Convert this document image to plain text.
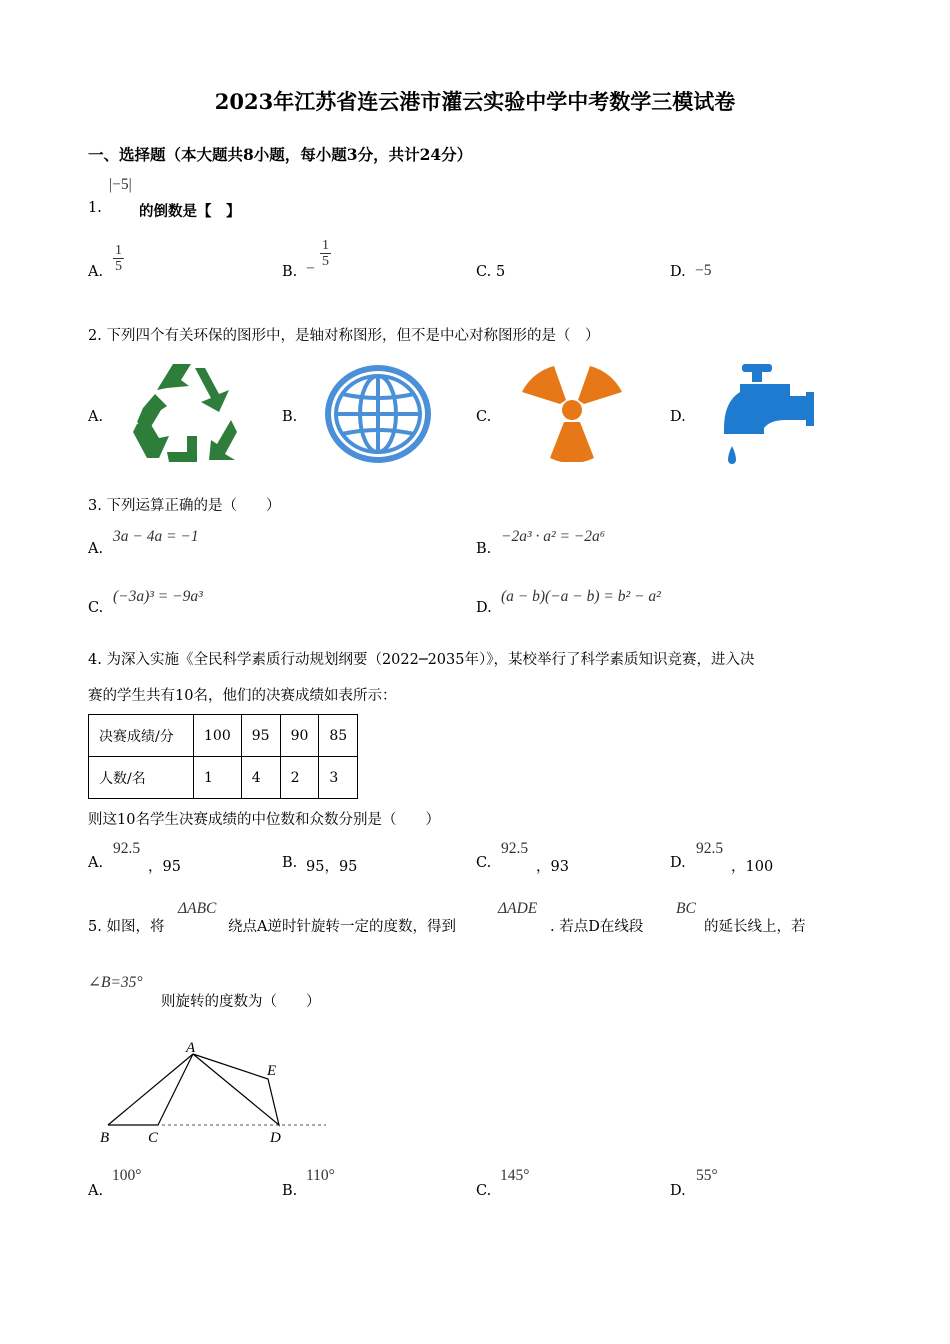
2023年江苏省连云港市灌云实验中学中考数学三模试卷
一、选择题（本大题共8小题，每小题3分，共计24分）
1.
|−5|
的倒数是【　】
A.
1
5	B. −
1
5
C. 5	D. −5
2. 下列四个有关环保的图形中，是轴对称图形，但不是中心对称图形的是（　）
A.	B.	C.	D.
3. 下列运算正确的是（　　）
A.
3a − 4a = −1
B.
−2a³ · a² = −2a⁶
C.
(−3a)³ = −9a³
D.
(a − b)(−a − b) = b² − a²
4. 为深入实施《全民科学素质行动规划纲要（2022─2035年）》，某校举行了科学素质知识竞赛，进入决
赛的学生共有10名，他们的决赛成绩如表所示：
决赛成绩/分	100	95	90	85
人数/名	1	4	2	3
则这10名学生决赛成绩的中位数和众数分别是（　　）
A.
92.5
，95	B. 95，95	C.
92.5
，93	D.
92.5
，100
5. 如图，将
ΔABC
绕点A逆时针旋转一定的度数，得到
ΔADE
. 若点D在线段
BC
的延长线上，若
∠B=35°
则旋转的度数为（　　）
A
B	C	D
E
A.
100°
B.
110°
C.
145°
D.
55°
